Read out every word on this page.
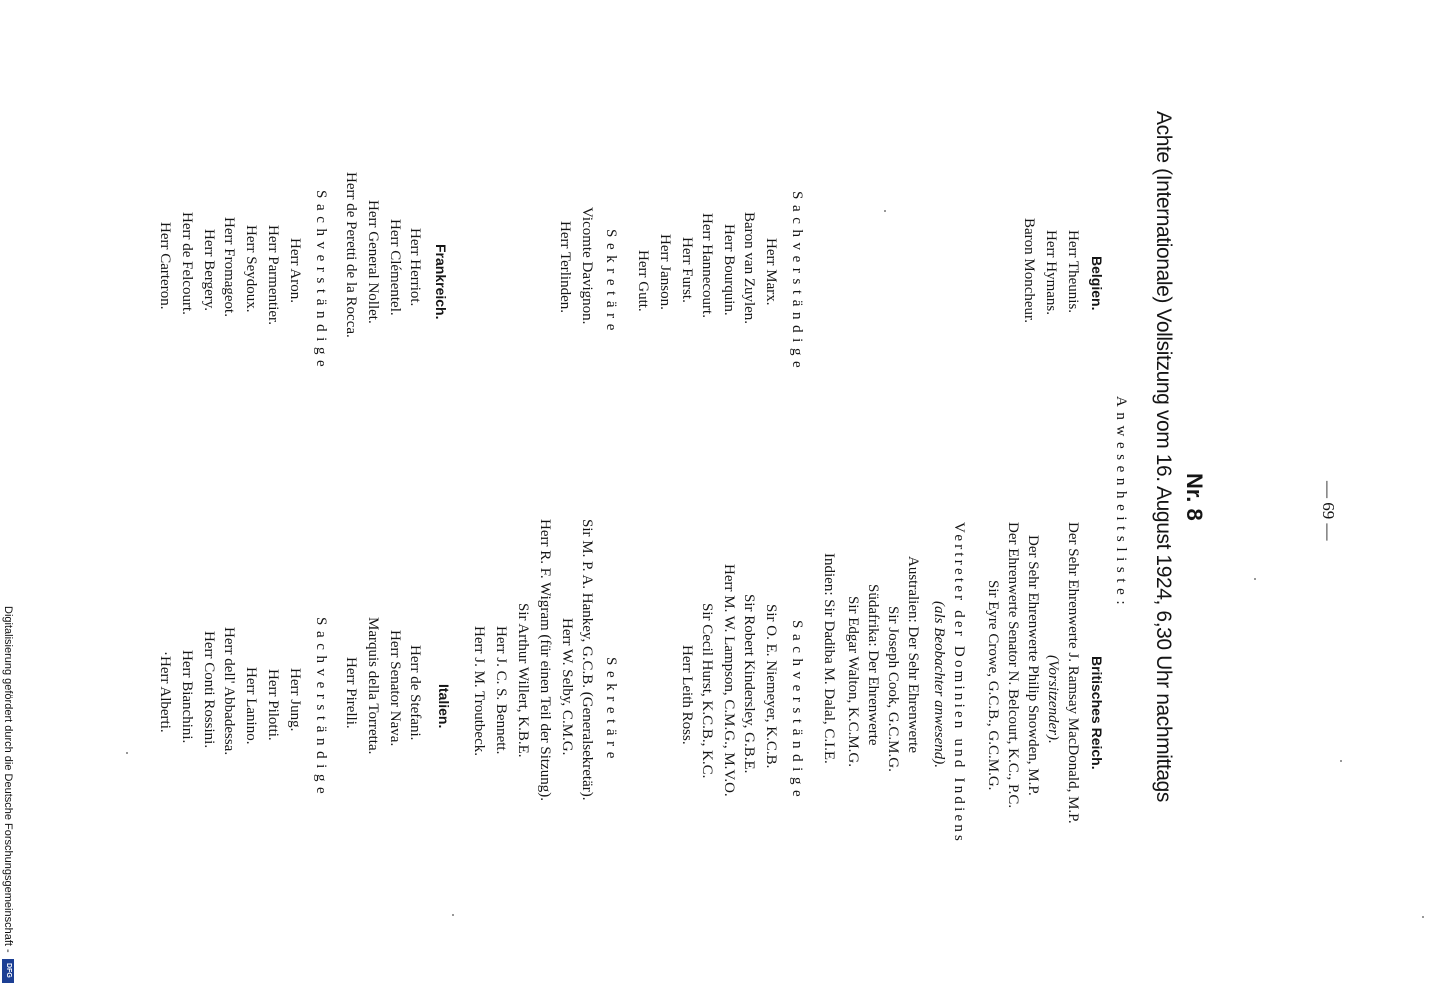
— 69 —
Nr. 8
Achte (Internationale) Vollsitzung vom 16. August 1924, 6,30 Uhr nachmittags
Anwesenheitsliste:
Britisches Reich.
Der Sehr Ehrenwerte J. Ramsay MacDonald, M.P.
(Vorsitzender).
Der Sehr Ehrenwerte Philip Snowden, M.P.
Der Ehrenwerte Senator N. Belcourt, K.C., P.C.
Sir Eyre Crowe, G.C.B., G.C.M.G.
Vertreter der Dominien und Indiens
(als Beobachter anwesend).
Australien: Der Sehr Ehrenwerte
Sir Joseph Cook, G.C.M.G.
Südafrika: Der Ehrenwerte
Sir Edgar Walton, K.C.M.G.
Indien: Sir Dadiba M. Dalal, C.I.E.
Sachverständige
Sir O. E. Niemeyer, K.C.B.
Sir Robert Kindersley, G.B.E.
Herr M. W. Lampson, C.M.G., M.V.O.
Sir Cecil Hurst, K.C.B., K.C.
Herr Leith Ross.
Sekretäre
Sir M. P. A. Hankey, G.C.B. (Generalsekretär).
Herr W. Selby, C.M.G.
Herr R. F. Wigram (für einen Teil der Sitzung).
Sir Arthur Willert, K.B.E.
Herr J. C. S. Bennett.
Herr J. M. Troutbeck.
Italien.
Herr de Stefani.
Herr Senator Nava.
Marquis della Torretta.
Herr Pirelli.
Sachverständige
Herr Jung.
Herr Pilotti.
Herr Lanino.
Herr dell' Abbadessa.
Herr Conti Rossini.
Herr Bianchini.
·Herr Alberti.
Belgien.
Herr Theunis.
Herr Hymans.
Baron Moncheur.
Sachverständige
Herr Marx.
Baron van Zuylen.
Herr Bourquin.
Herr Hannecourt.
Herr Furst.
Herr Janson.
Herr Gutt.
Sekretäre
Vicomte Davignon.
Herr Terlinden.
Frankreich.
Herr Herriot.
Herr Clémentel.
Herr General Nollet.
Herr de Peretti de la Rocca.
Sachverständige
Herr Aron.
Herr Parmentier.
Herr Seydoux.
Herr Fromageot.
Herr Bergery.
Herr de Felcourt.
Herr Carteron.
Digitalisierung gefördert durch die Deutsche Forschungsgemeinschaft - DFG
